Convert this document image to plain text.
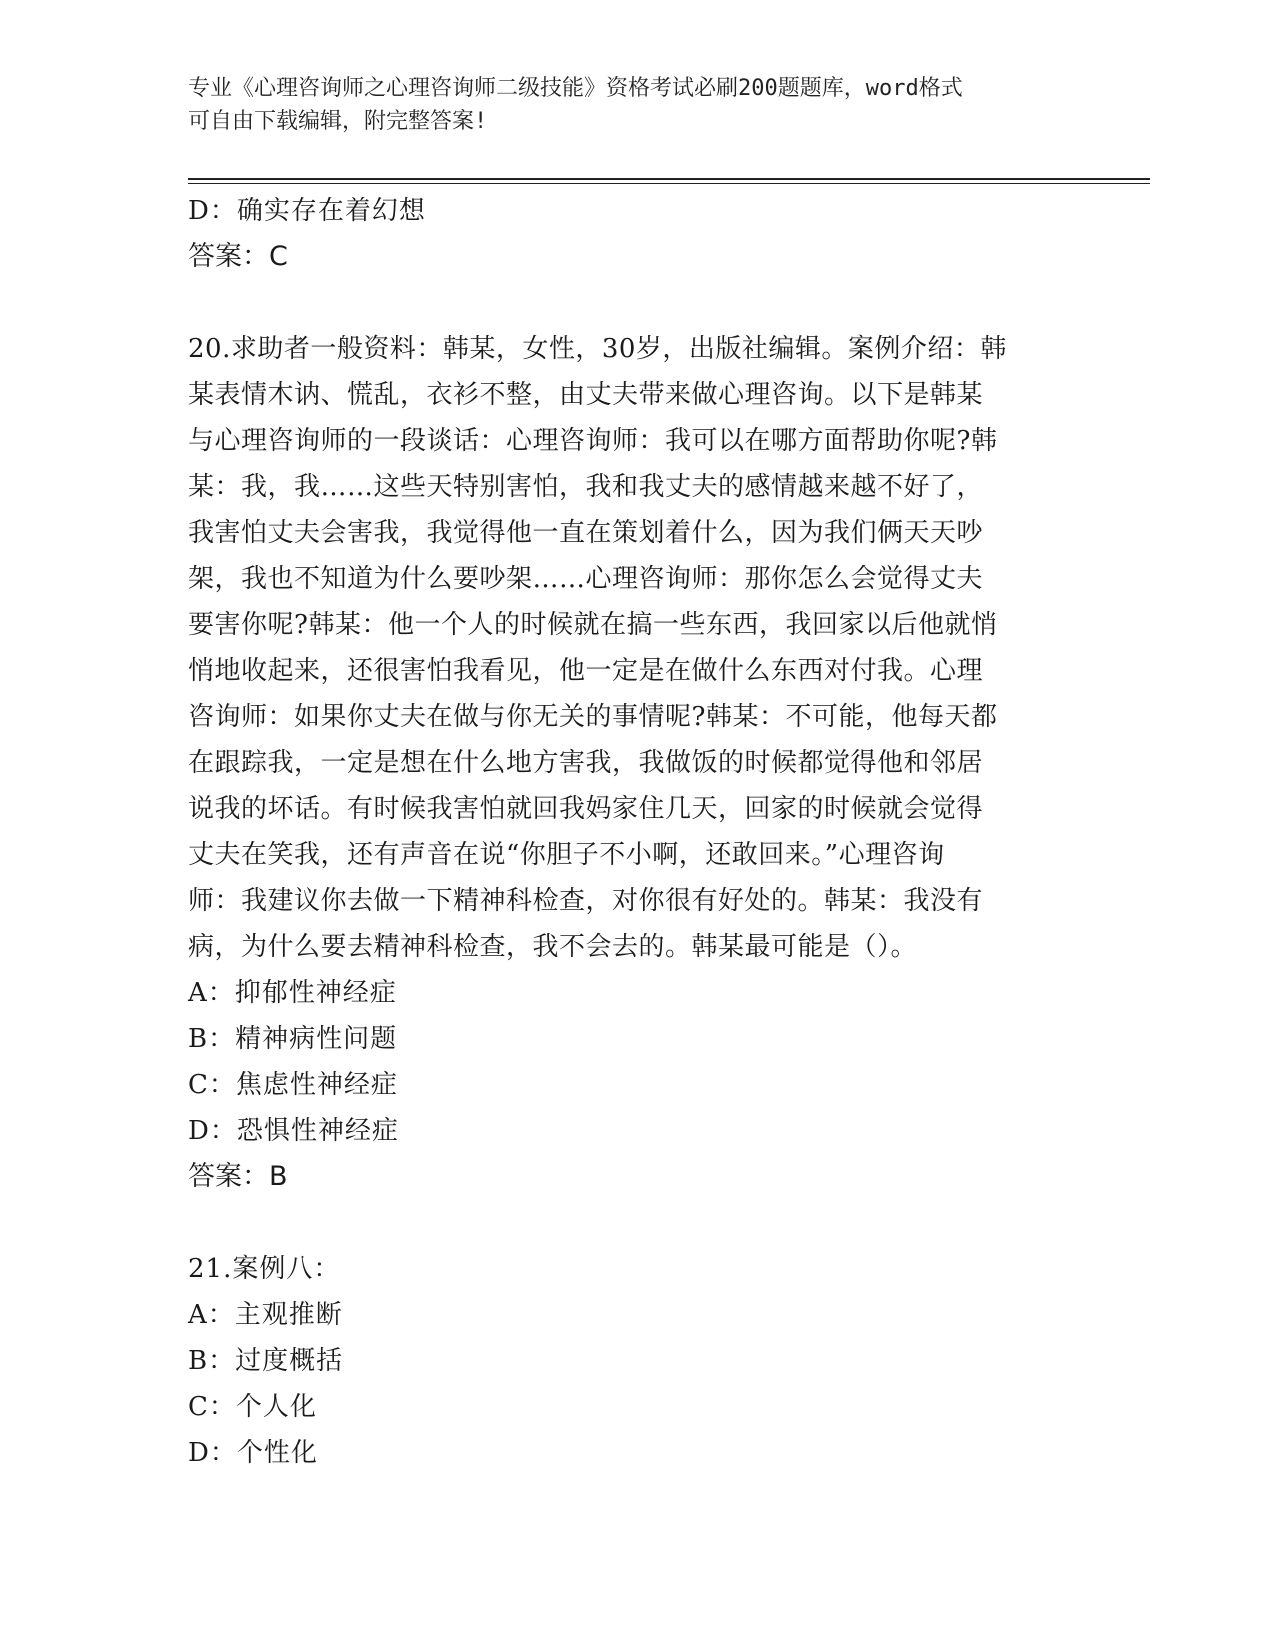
专业《心理咨询师之心理咨询师二级技能》资格考试必刷200题题库，word格式
可自由下载编辑，附完整答案!
D：确实存在着幻想
答案：C
20.求助者一般资料：韩某，女性，30岁，出版社编辑。案例介绍：韩
某表情木讷、慌乱，衣衫不整，由丈夫带来做心理咨询。以下是韩某
与心理咨询师的一段谈话：心理咨询师：我可以在哪方面帮助你呢?韩
某：我，我……这些天特别害怕，我和我丈夫的感情越来越不好了，
我害怕丈夫会害我，我觉得他一直在策划着什么，因为我们俩天天吵
架，我也不知道为什么要吵架……心理咨询师：那你怎么会觉得丈夫
要害你呢?韩某：他一个人的时候就在搞一些东西，我回家以后他就悄
悄地收起来，还很害怕我看见，他一定是在做什么东西对付我。心理
咨询师：如果你丈夫在做与你无关的事情呢?韩某：不可能，他每天都
在跟踪我，一定是想在什么地方害我，我做饭的时候都觉得他和邻居
说我的坏话。有时候我害怕就回我妈家住几天，回家的时候就会觉得
丈夫在笑我，还有声音在说“你胆子不小啊，还敢回来。”心理咨询
师：我建议你去做一下精神科检查，对你很有好处的。韩某：我没有
病，为什么要去精神科检查，我不会去的。韩某最可能是（）。
A：抑郁性神经症
B：精神病性问题
C：焦虑性神经症
D：恐惧性神经症
答案：B
21.案例八：
A：主观推断
B：过度概括
C：个人化
D：个性化
